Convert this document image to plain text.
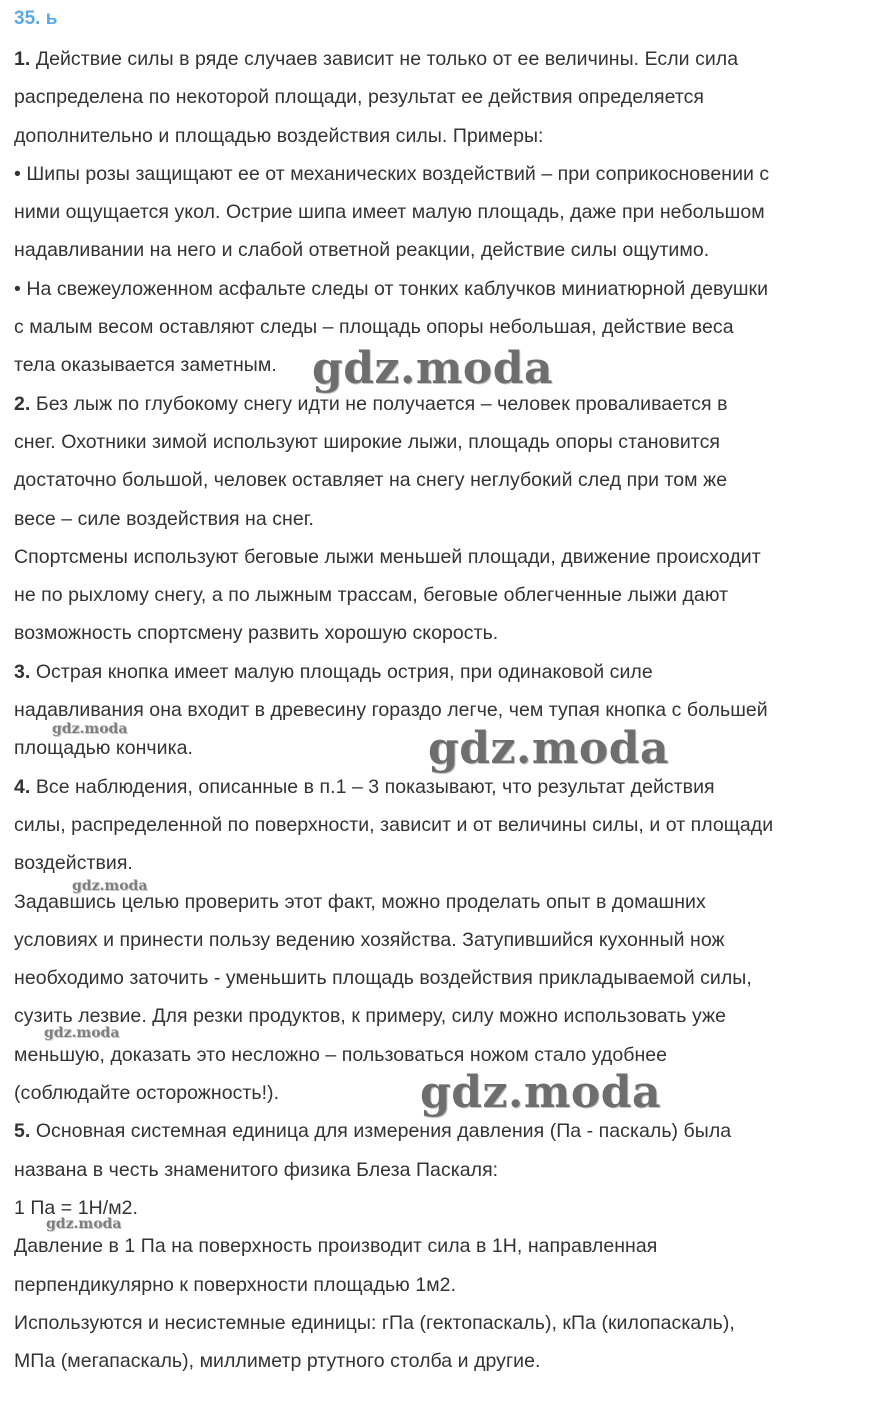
35. ь
1. Действие силы в ряде случаев зависит не только от ее величины. Если сила
распределена по некоторой площади, результат ее действия определяется
дополнительно и площадью воздействия силы. Примеры:
• Шипы розы защищают ее от механических воздействий – при соприкосновении с
ними ощущается укол. Острие шипа имеет малую площадь, даже при небольшом
надавливании на него и слабой ответной реакции, действие силы ощутимо.
• На свежеуложенном асфальте следы от тонких каблучков миниатюрной девушки
с малым весом оставляют следы – площадь опоры небольшая, действие веса
тела оказывается заметным.
2. Без лыж по глубокому снегу идти не получается – человек проваливается в
снег. Охотники зимой используют широкие лыжи, площадь опоры становится
достаточно большой, человек оставляет на снегу неглубокий след при том же
весе – силе воздействия на снег.
Спортсмены используют беговые лыжи меньшей площади, движение происходит
не по рыхлому снегу, а по лыжным трассам, беговые облегченные лыжи дают
возможность спортсмену развить хорошую скорость.
3. Острая кнопка имеет малую площадь острия, при одинаковой силе
надавливания она входит в древесину гораздо легче, чем тупая кнопка с большей
площадью кончика.
4. Все наблюдения, описанные в п.1 – 3 показывают, что результат действия
силы, распределенной по поверхности, зависит и от величины силы, и от площади
воздействия.
Задавшись целью проверить этот факт, можно проделать опыт в домашних
условиях и принести пользу ведению хозяйства. Затупившийся кухонный нож
необходимо заточить - уменьшить площадь воздействия прикладываемой силы,
сузить лезвие. Для резки продуктов, к примеру, силу можно использовать уже
меньшую, доказать это несложно – пользоваться ножом стало удобнее
(соблюдайте осторожность!).
5. Основная системная единица для измерения давления (Па - паскаль) была
названа в честь знаменитого физика Блеза Паскаля:
1 Па = 1Н/м2.
Давление в 1 Па на поверхность производит сила в 1Н, направленная
перпендикулярно к поверхности площадью 1м2.
Используются и несистемные единицы: гПа (гектопаскаль), кПа (килопаскаль),
МПа (мегапаскаль), миллиметр ртутного столба и другие.
gdz.moda
gdz.moda
gdz.moda
gdz.moda
gdz.moda
gdz.moda
gdz.moda
